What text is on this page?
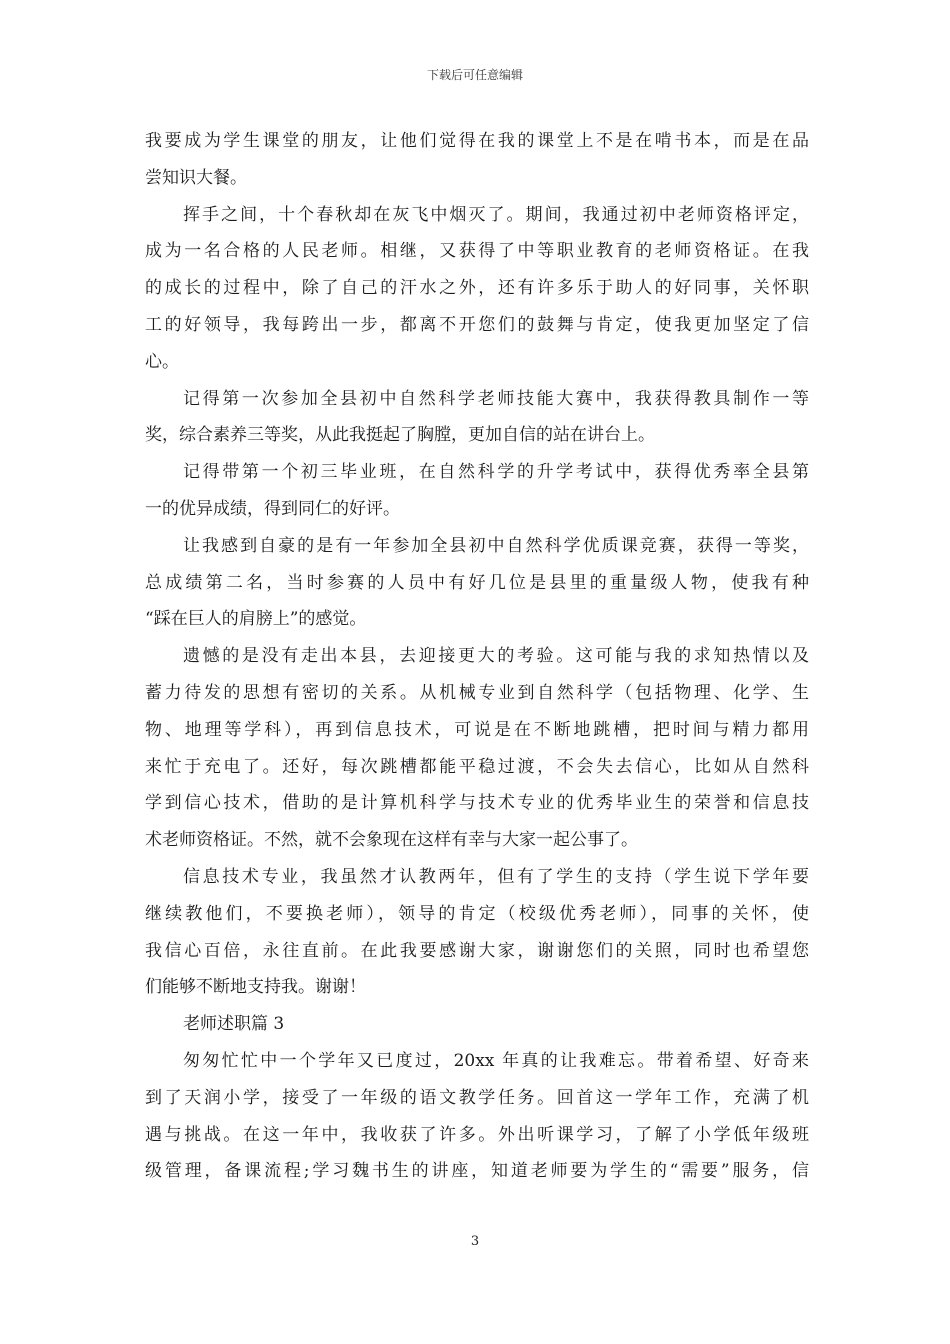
下载后可任意编辑
我要成为学生课堂的朋友，让他们觉得在我的课堂上不是在啃书本，而是在品
尝知识大餐。
挥手之间，十个春秋却在灰飞中烟灭了。期间，我通过初中老师资格评定，
成为一名合格的人民老师。相继，又获得了中等职业教育的老师资格证。在我
的成长的过程中，除了自己的汗水之外，还有许多乐于助人的好同事，关怀职
工的好领导，我每跨出一步，都离不开您们的鼓舞与肯定，使我更加坚定了信
心。
记得第一次参加全县初中自然科学老师技能大赛中，我获得教具制作一等
奖，综合素养三等奖，从此我挺起了胸膛，更加自信的站在讲台上。
记得带第一个初三毕业班，在自然科学的升学考试中，获得优秀率全县第
一的优异成绩，得到同仁的好评。
让我感到自豪的是有一年参加全县初中自然科学优质课竞赛，获得一等奖，
总成绩第二名，当时参赛的人员中有好几位是县里的重量级人物，使我有种
“踩在巨人的肩膀上”的感觉。
遗憾的是没有走出本县，去迎接更大的考验。这可能与我的求知热情以及
蓄力待发的思想有密切的关系。从机械专业到自然科学（包括物理、化学、生
物、地理等学科），再到信息技术，可说是在不断地跳槽，把时间与精力都用
来忙于充电了。还好，每次跳槽都能平稳过渡，不会失去信心，比如从自然科
学到信心技术，借助的是计算机科学与技术专业的优秀毕业生的荣誉和信息技
术老师资格证。不然，就不会象现在这样有幸与大家一起公事了。
信息技术专业，我虽然才认教两年，但有了学生的支持（学生说下学年要
继续教他们，不要换老师），领导的肯定（校级优秀老师），同事的关怀，使
我信心百倍，永往直前。在此我要感谢大家，谢谢您们的关照，同时也希望您
们能够不断地支持我。谢谢！
老师述职篇 3
匆匆忙忙中一个学年又已度过，20xx 年真的让我难忘。带着希望、好奇来
到了天润小学，接受了一年级的语文教学任务。回首这一学年工作，充满了机
遇与挑战。在这一年中，我收获了许多。外出听课学习，了解了小学低年级班
级管理，备课流程;学习魏书生的讲座，知道老师要为学生的“需要”服务，信
3
